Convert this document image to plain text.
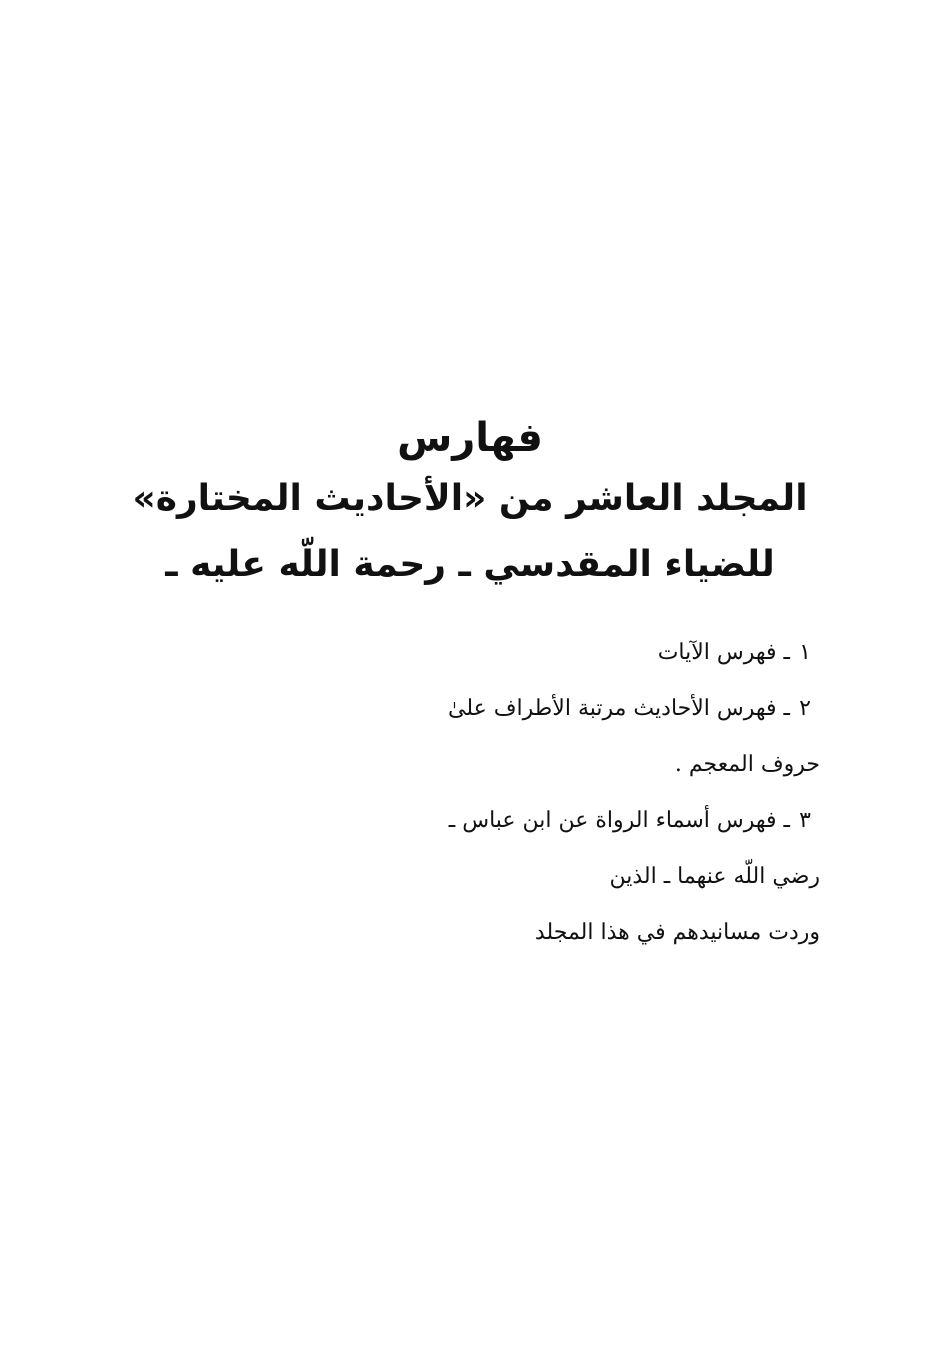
فهارس
المجلد العاشر من «الأحاديث المختارة»
للضياء المقدسي ـ رحمة اللّه عليه ـ
١
ـ فهرس الآيات
٢
ـ فهرس الأحاديث مرتبة الأطراف علىٰ
حروف المعجم .
٣
ـ فهرس أسماء الرواة عن ابن عباس ـ
رضي اللّه عنهما ـ الذين
وردت مسانيدهم في هذا المجلد
